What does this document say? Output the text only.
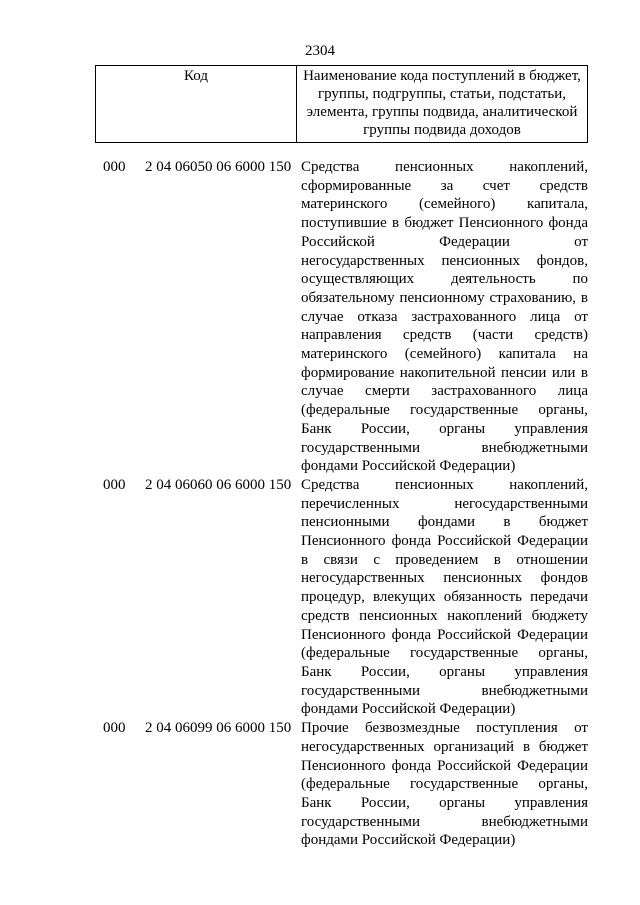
2304
Код	Наименование кода поступлений в бюджет, группы, подгруппы, статьи, подстатьи, элемента, группы подвида, аналитической группы подвида доходов
000 2 04 06050 06 6000 150 Средства пенсионных накоплений, сформированные за счет средств материнского (семейного) капитала, поступившие в бюджет Пенсионного фонда Российской Федерации от негосударственных пенсионных фондов, осуществляющих деятельность по обязательному пенсионному страхованию, в случае отказа застрахованного лица от направления средств (части средств) материнского (семейного) капитала на формирование накопительной пенсии или в случае смерти застрахованного лица (федеральные государственные органы, Банк России, органы управления государственными внебюджетными фондами Российской Федерации)
000 2 04 06060 06 6000 150 Средства пенсионных накоплений, перечисленных негосударственными пенсионными фондами в бюджет Пенсионного фонда Российской Федерации в связи с проведением в отношении негосударственных пенсионных фондов процедур, влекущих обязанность передачи средств пенсионных накоплений бюджету Пенсионного фонда Российской Федерации (федеральные государственные органы, Банк России, органы управления государственными внебюджетными фондами Российской Федерации)
000 2 04 06099 06 6000 150 Прочие безвозмездные поступления от негосударственных организаций в бюджет Пенсионного фонда Российской Федерации (федеральные государственные органы, Банк России, органы управления государственными внебюджетными фондами Российской Федерации)
